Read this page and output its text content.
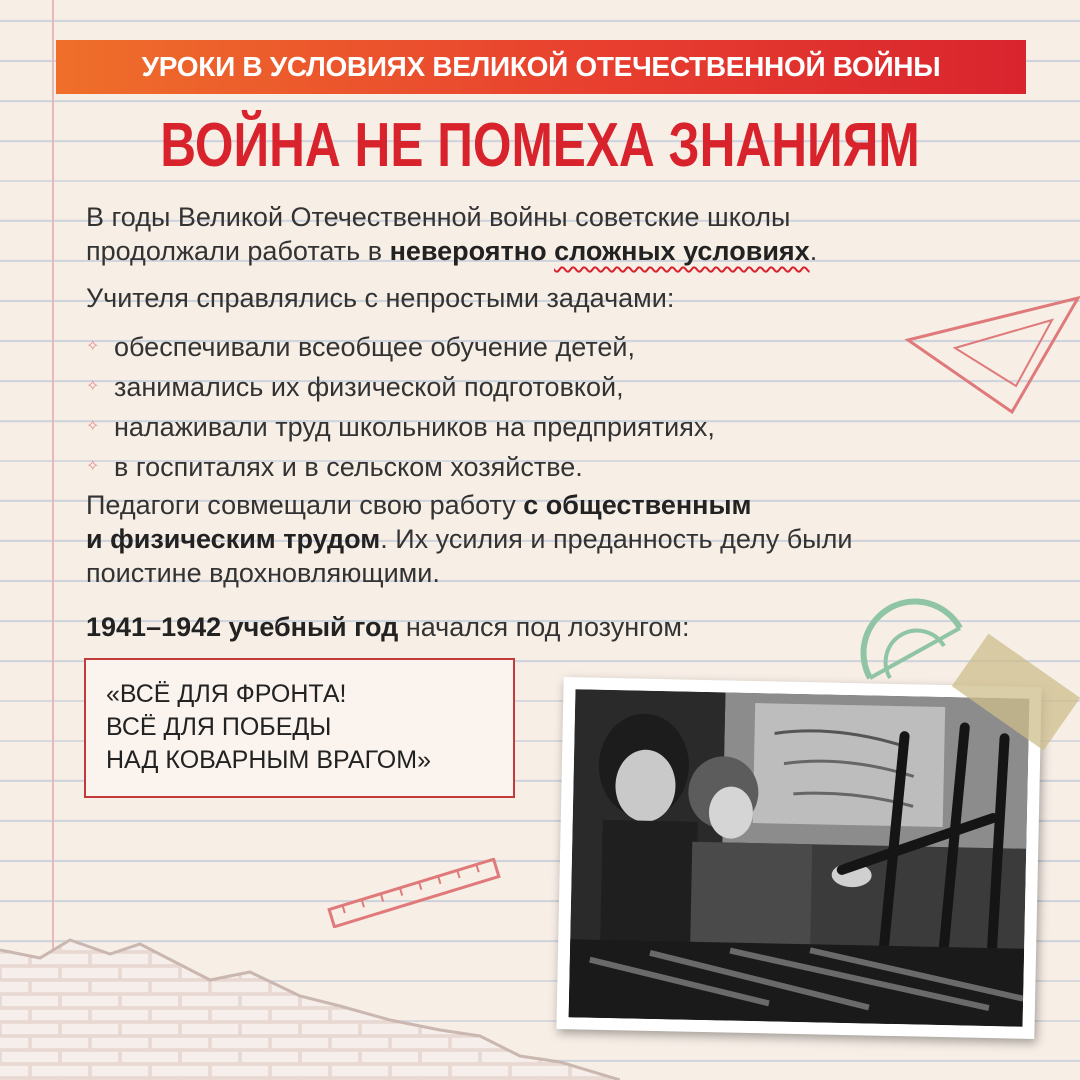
УРОКИ В УСЛОВИЯХ ВЕЛИКОЙ ОТЕЧЕСТВЕННОЙ ВОЙНЫ
ВОЙНА НЕ ПОМЕХА ЗНАНИЯМ
В годы Великой Отечественной войны советские школы
продолжали работать в невероятно сложных условиях.
Учителя справлялись с непростыми задачами:
✧ обеспечивали всеобщее обучение детей,
✧ занимались их физической подготовкой,
✧ налаживали труд школьников на предприятиях,
✧ в госпиталях и в сельском хозяйстве.
Педагоги совмещали свою работу с общественным
и физическим трудом. Их усилия и преданность делу были
поистине вдохновляющими.
1941–1942 учебный год начался под лозунгом:
«ВСЁ ДЛЯ ФРОНТА!
ВСЁ ДЛЯ ПОБЕДЫ
НАД КОВАРНЫМ ВРАГОМ»
